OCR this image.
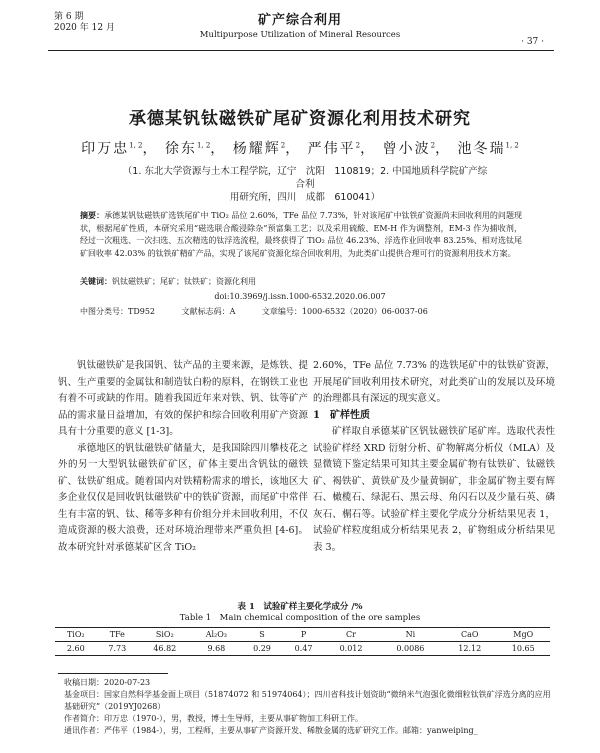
第 6 期
2020 年 12 月	矿产综合利用
Multipurpose Utilization of Mineral Resources
· 37 ·
承德某钒钛磁铁矿尾矿资源化利用技术研究
印万忠$^{1, 2}$， 徐东$^{1, 2}$， 杨耀辉$^2$， 严伟平$^2$， 曾小波$^2$， 池冬瑞$^{1, 2}$
（1. 东北大学资源与土木工程学院，辽宁　沈阳　110819；2. 中国地质科学院矿产综合利
用研究所，四川　成都　610041）
摘要：承德某钒钛磁铁矿选铁尾矿中 TiO₂ 品位 2.60%，TFe 品位 7.73%，针对该尾矿中钛铁矿资源尚未回收利用的问题现状，根据尾矿性质，本研究采用“磁选联合酸浸除杂”预富集工艺；以及采用硫酸、EM-H 作为调整剂，EM-3 作为捕收剂，经过一次粗选、一次扫选、五次精选的钛浮选流程，最终获得了 TiO₂ 品位 46.23%、浮选作业回收率 83.25%、相对选钛尾矿回收率 42.03% 的钛铁矿精矿产品，实现了该尾矿资源化综合回收利用，为此类矿山提供合理可行的资源利用技术方案。
关键词：钒钛磁铁矿；尾矿；钛铁矿；资源化利用
doi:10.3969/j.issn.1000-6532.2020.06.007
中图分类号：TD952	文献标志码：A	文章编号：1000-6532（2020）06-0037-06

钒钛磁铁矿是我国钒、钛产品的主要来源，是炼铁、提钒、生产重要的金属钛和制造钛白粉的原料，在钢铁工业也有着不可或缺的作用。随着我国近年来对铁、钒、钛等矿产品的需求量日益增加，有效的保护和综合回收利用矿产资源具有十分重要的意义 [1-3]。

承德地区的钒钛磁铁矿储量大，是我国除四川攀枝花之外的另一大型钒钛磁铁矿矿区，矿体主要出含钒钛的磁铁矿、钛铁矿组成。随着国内对铁精粉需求的增长，该地区大多企业仅仅是回收钒钛磁铁矿中的铁矿资源，而尾矿中常伴生有丰富的钒、钛、稀等多种有价组分并未回收利用，不仅造成资源的极大浪费，还对环境治理带来严重负担 [4-6]。故本研究针对承德某矿区含 TiO₂

2.60%，TFe 品位 7.73% 的选铁尾矿中的钛铁矿资源，开展尾矿回收利用技术研究，对此类矿山的发展以及环境的治理都具有深远的现实意义。

1　矿样性质

矿样取自承德某矿区钒钛磁铁矿尾矿库。选取代表性试验矿样经 XRD 衍射分析、矿物解离分析仪（MLA）及显微镜下鉴定结果可知其主要金属矿物有钛铁矿、钛磁铁矿、褐铁矿、黄铁矿及少量黄铜矿，非金属矿物主要有辉石、橄榄石、绿泥石、黑云母、角闪石以及少量石英、磷灰石、榍石等。试验矿样主要化学成分分析结果见表 1，试验矿样粒度组成分析结果见表 2，矿物组成分析结果见表 3。

表 1　试验矿样主要化学成分 /%
Table 1　Main chemical composition of the ore samples
TiO₂	TFe	SiO₂	Al₂O₃	S	P	Cr	Ni	CaO	MgO
2.60	7.73	46.82	9.68	0.29	0.47	0.012	0.0086	12.12	10.65
收稿日期：2020-07-23
基金项目：国家自然科学基金面上项目（51874072 和 51974064）；四川省科技计划资助“微纳米气泡强化微细粒钛铁矿浮选分离的应用基础研究”（2019YJ0268）
作者简介：印万忠（1970-），男，教授，博士生导师，主要从事矿物加工科研工作。
通讯作者：严伟平（1984-），男，工程师，主要从事矿产资源开发、稀散金属的选矿研究工作。邮箱：yanweiping_
